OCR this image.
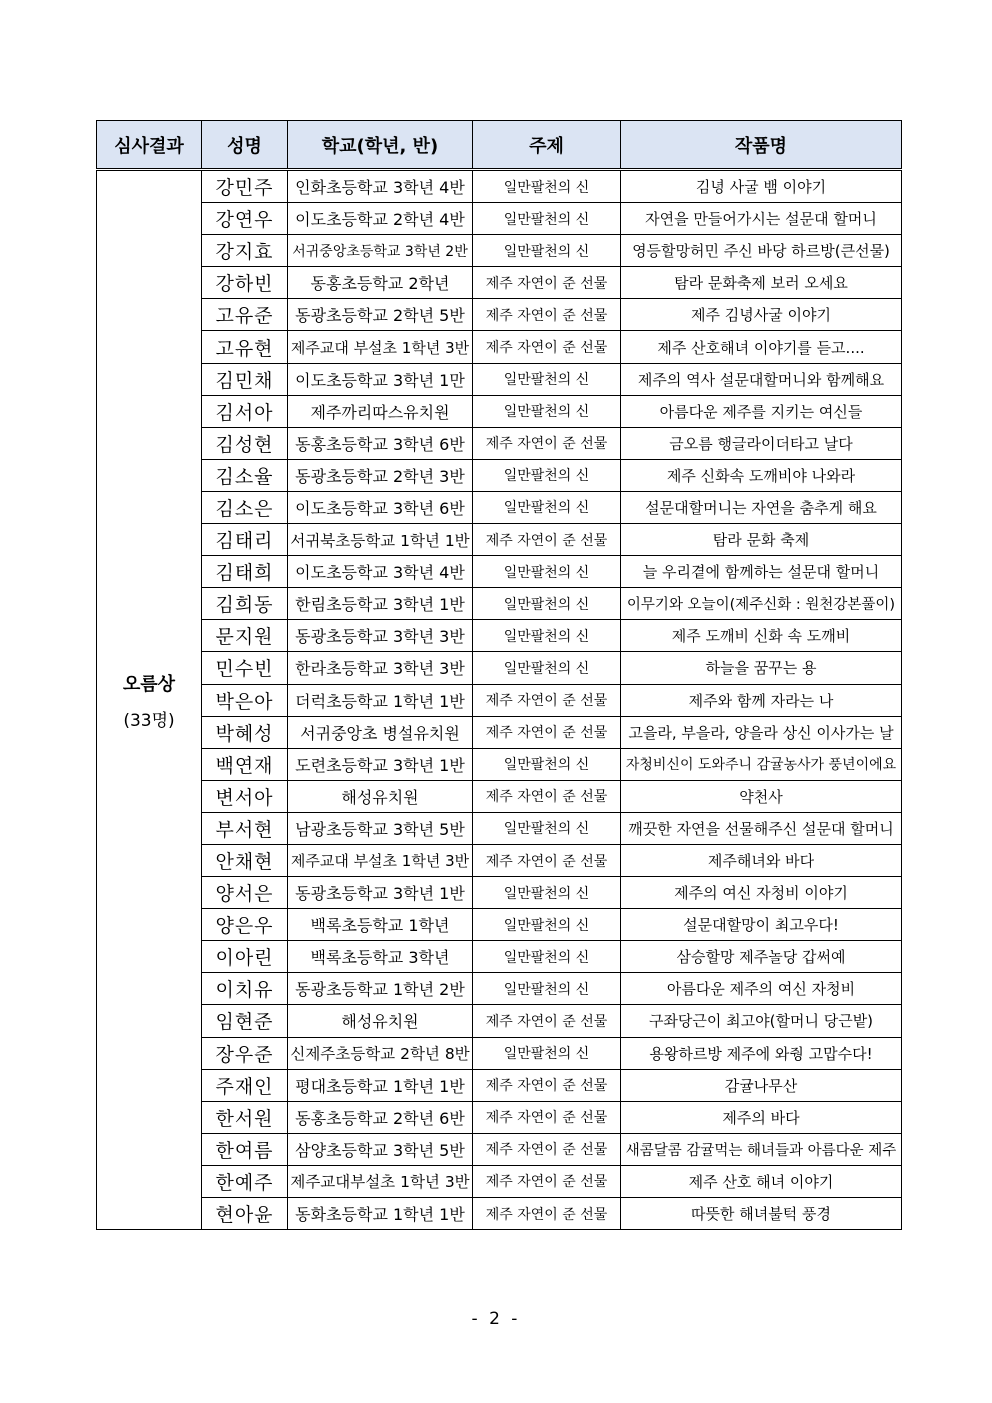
심사결과	성명	학교(학년, 반)	주제	작품명

오름상
(33명)	강민주	인화초등학교 3학년 4반	일만팔천의 신	김녕 사굴 뱀 이야기
	강연우	이도초등학교 2학년 4반	일만팔천의 신	자연을 만들어가시는 설문대 할머니
	강지효	서귀중앙초등학교 3학년 2반	일만팔천의 신	영등할망허민 주신 바당 하르방(큰선물)
	강하빈	동홍초등학교 2학년	제주 자연이 준 선물	탐라 문화축제 보러 오세요
	고유준	동광초등학교 2학년 5반	제주 자연이 준 선물	제주 김녕사굴 이야기
	고유현	제주교대 부설초 1학년 3반	제주 자연이 준 선물	제주 산호해녀 이야기를 듣고....
	김민채	이도초등학교 3학년 1만	일만팔천의 신	제주의 역사 설문대할머니와 함께해요
	김서아	제주까리따스유치원	일만팔천의 신	아름다운 제주를 지키는 여신들
	김성현	동홍초등학교 3학년 6반	제주 자연이 준 선물	금오름 행글라이더타고 날다
	김소율	동광초등학교 2학년 3반	일만팔천의 신	제주 신화속 도깨비야 나와라
	김소은	이도초등학교 3학년 6반	일만팔천의 신	설문대할머니는 자연을 춤추게 해요
	김태리	서귀북초등학교 1학년 1반	제주 자연이 준 선물	탐라 문화 축제
	김태희	이도초등학교 3학년 4반	일만팔천의 신	늘 우리곁에 함께하는 설문대 할머니
	김희동	한림초등학교 3학년 1반	일만팔천의 신	이무기와 오늘이(제주신화 : 원천강본풀이)
	문지원	동광초등학교 3학년 3반	일만팔천의 신	제주 도깨비 신화 속 도깨비
	민수빈	한라초등학교 3학년 3반	일만팔천의 신	하늘을 꿈꾸는 용
	박은아	더럭초등학교 1학년 1반	제주 자연이 준 선물	제주와 함께 자라는 나
	박혜성	서귀중앙초 병설유치원	제주 자연이 준 선물	고을라, 부을라, 양을라 상신 이사가는 날
	백연재	도련초등학교 3학년 1반	일만팔천의 신	자청비신이 도와주니 감귤농사가 풍년이에요
	변서아	해성유치원	제주 자연이 준 선물	약천사
	부서현	남광초등학교 3학년 5반	일만팔천의 신	깨끗한 자연을 선물해주신 설문대 할머니
	안채현	제주교대 부설초 1학년 3반	제주 자연이 준 선물	제주해녀와 바다
	양서은	동광초등학교 3학년 1반	일만팔천의 신	제주의 여신 자청비 이야기
	양은우	백록초등학교 1학년	일만팔천의 신	설문대할망이 최고우다!
	이아린	백록초등학교 3학년	일만팔천의 신	삼승할망 제주놀당 갑써예
	이치유	동광초등학교 1학년 2반	일만팔천의 신	아름다운 제주의 여신 자청비
	임현준	해성유치원	제주 자연이 준 선물	구좌당근이 최고야(할머니 당근밭)
	장우준	신제주초등학교 2학년 8반	일만팔천의 신	용왕하르방 제주에 와줭 고맙수다!
	주재인	평대초등학교 1학년 1반	제주 자연이 준 선물	감귤나무산
	한서원	동홍초등학교 2학년 6반	제주 자연이 준 선물	제주의 바다
	한여름	삼양초등학교 3학년 5반	제주 자연이 준 선물	새콤달콤 감귤먹는 해녀들과 아름다운 제주
	한예주	제주교대부설초 1학년 3반	제주 자연이 준 선물	제주 산호 해녀 이야기
	현아윤	동화초등학교 1학년 1반	제주 자연이 준 선물	따뜻한 해녀불턱 풍경
- 2 -
